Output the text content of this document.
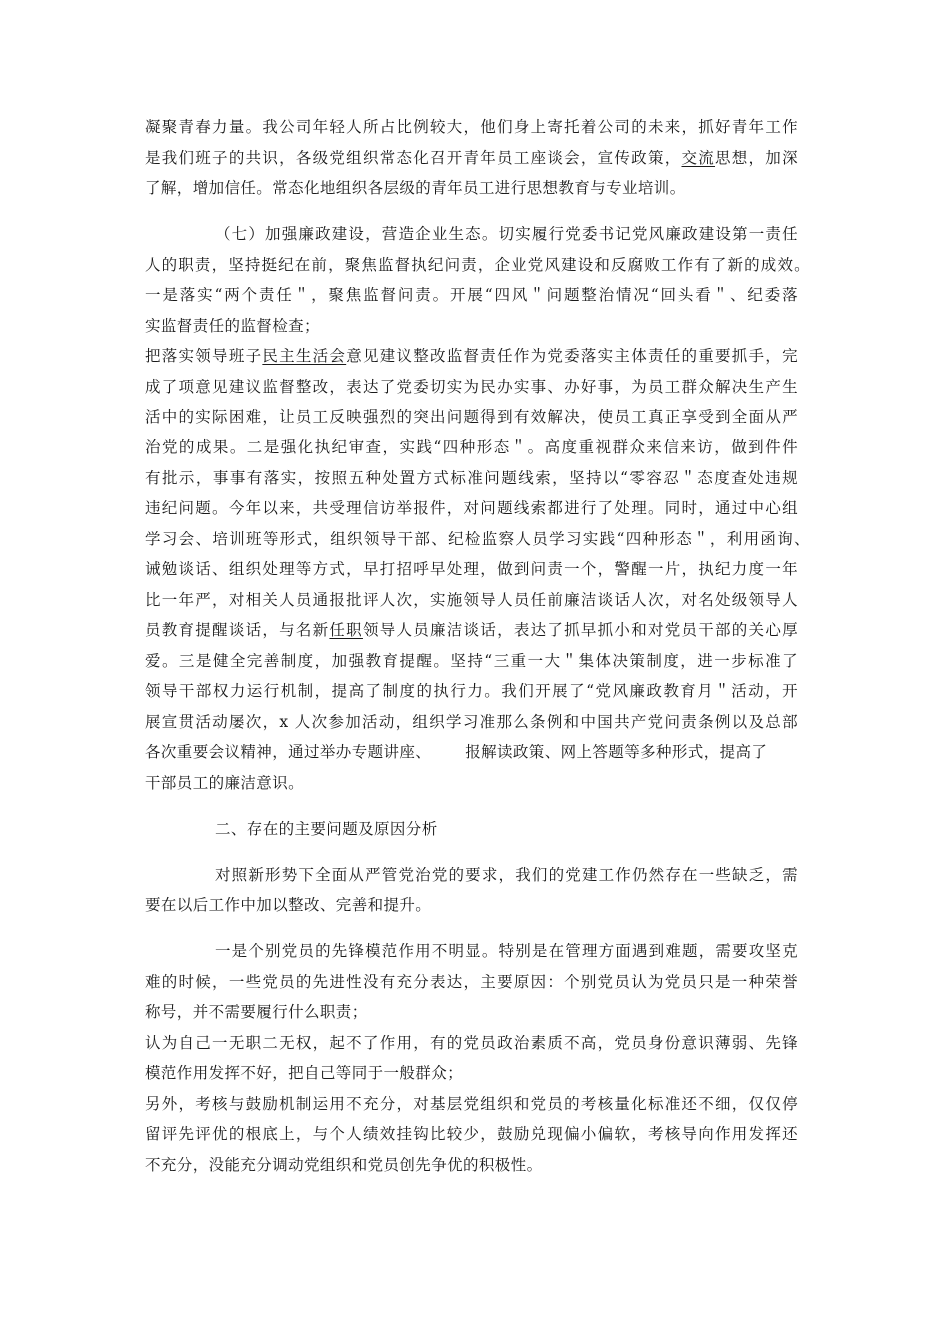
凝聚青春力量。我公司年轻人所占比例较大，他们身上寄托着公司的未来，抓好青年工作
是我们班子的共识，各级党组织常态化召开青年员工座谈会，宣传政策，交流思想，加深
了解，增加信任。常态化地组织各层级的青年员工进行思想教育与专业培训。
（七）加强廉政建设，营造企业生态。切实履行党委书记党风廉政建设第一责任
人的职责，坚持挺纪在前，聚焦监督执纪问责，企业党风建设和反腐败工作有了新的成效。
一是落实“两个责任＂，聚焦监督问责。开展“四风＂问题整治情况“回头看＂、纪委落
实监督责任的监督检查；
把落实领导班子民主生活会意见建议整改监督责任作为党委落实主体责任的重要抓手，完
成了项意见建议监督整改，表达了党委切实为民办实事、办好事，为员工群众解决生产生
活中的实际困难，让员工反映强烈的突出问题得到有效解决，使员工真正享受到全面从严
治党的成果。二是强化执纪审查，实践“四种形态＂。高度重视群众来信来访，做到件件
有批示，事事有落实，按照五种处置方式标准问题线索，坚持以“零容忍＂态度查处违规
违纪问题。今年以来，共受理信访举报件，对问题线索都进行了处理。同时，通过中心组
学习会、培训班等形式，组织领导干部、纪检监察人员学习实践“四种形态＂，利用函询、
诫勉谈话、组织处理等方式，早打招呼早处理，做到问责一个，警醒一片，执纪力度一年
比一年严，对相关人员通报批评人次，实施领导人员任前廉洁谈话人次，对名处级领导人
员教育提醒谈话，与名新任职领导人员廉洁谈话，表达了抓早抓小和对党员干部的关心厚
爱。三是健全完善制度，加强教育提醒。坚持“三重一大＂集体决策制度，进一步标准了
领导干部权力运行机制，提高了制度的执行力。我们开展了“党风廉政教育月＂活动，开
展宣贯活动屡次，x 人次参加活动，组织学习准那么条例和中国共产党问责条例以及总部
各次重要会议精神，通过举办专题讲座、 报解读政策、网上答题等多种形式，提高了
干部员工的廉洁意识。
二、存在的主要问题及原因分析
对照新形势下全面从严管党治党的要求，我们的党建工作仍然存在一些缺乏，需
要在以后工作中加以整改、完善和提升。
一是个别党员的先锋模范作用不明显。特别是在管理方面遇到难题，需要攻坚克
难的时候，一些党员的先进性没有充分表达，主要原因：个别党员认为党员只是一种荣誉
称号，并不需要履行什么职责；
认为自己一无职二无权，起不了作用，有的党员政治素质不高，党员身份意识薄弱、先锋
模范作用发挥不好，把自己等同于一般群众；
另外，考核与鼓励机制运用不充分，对基层党组织和党员的考核量化标准还不细，仅仅停
留评先评优的根底上，与个人绩效挂钩比较少，鼓励兑现偏小偏软，考核导向作用发挥还
不充分，没能充分调动党组织和党员创先争优的积极性。
